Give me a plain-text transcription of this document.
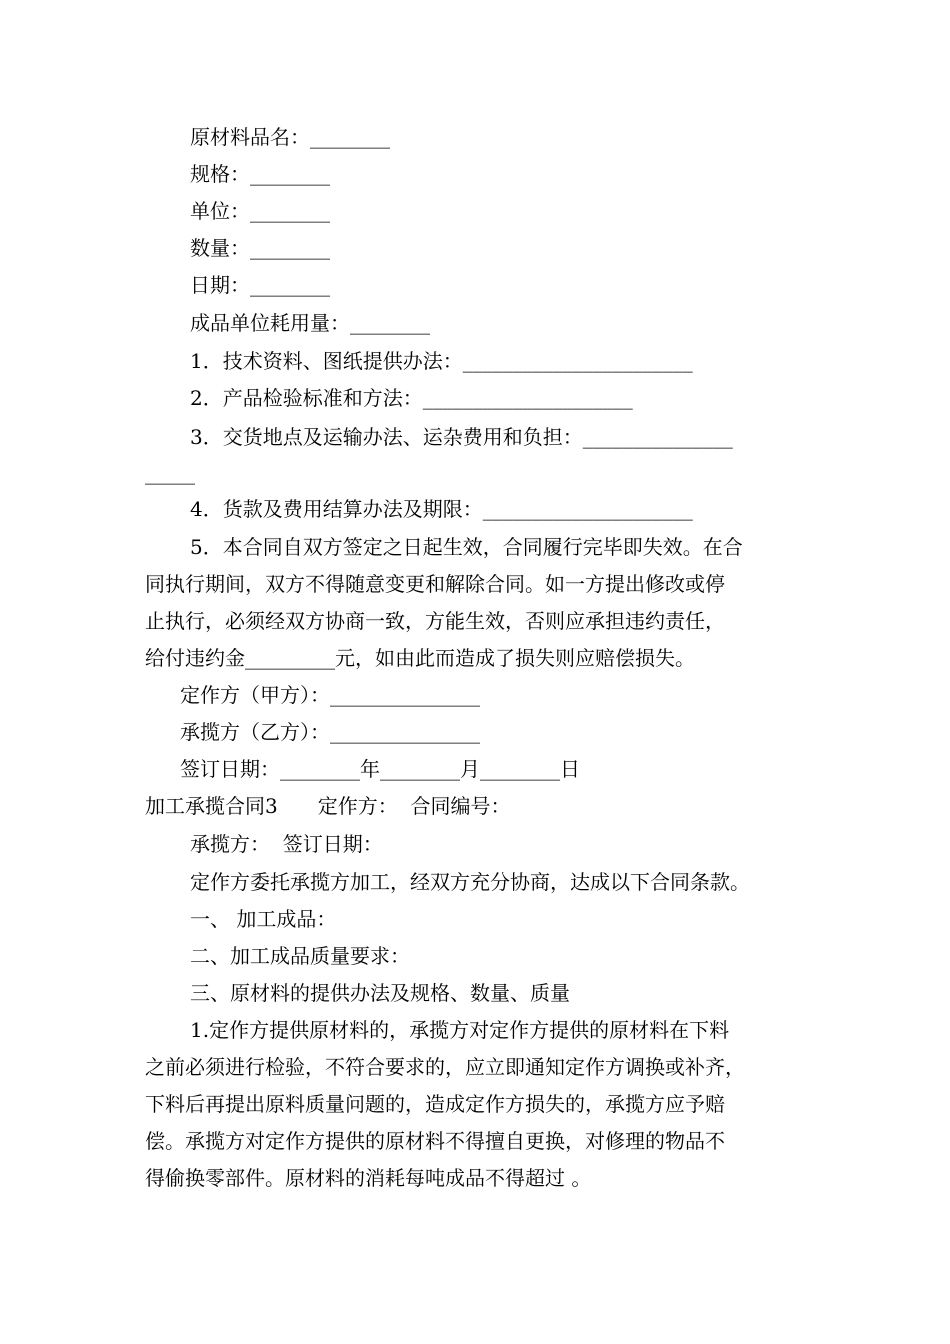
原材料品名：________
规格：________
单位：________
数量：________
日期：________
成品单位耗用量：________
1．技术资料、图纸提供办法：_______________________
2．产品检验标准和方法：_____________________
3．交货地点及运输办法、运杂费用和负担：_______________
_____
4．货款及费用结算办法及期限：_____________________
5．本合同自双方签定之日起生效，合同履行完毕即失效。在合
同执行期间，双方不得随意变更和解除合同。如一方提出修改或停
止执行，必须经双方协商一致，方能生效，否则应承担违约责任，
给付违约金_________元，如由此而造成了损失则应赔偿损失。
定作方（甲方）：_______________
承揽方（乙方）：_______________
签订日期：________年________月________日
加工承揽合同3　　定作方：  合同编号：
承揽方：  签订日期：
定作方委托承揽方加工，经双方充分协商，达成以下合同条款。
一、 加工成品：
二、加工成品质量要求：
三、原材料的提供办法及规格、数量、质量
1.定作方提供原材料的，承揽方对定作方提供的原材料在下料
之前必须进行检验，不符合要求的，应立即通知定作方调换或补齐，
下料后再提出原料质量问题的，造成定作方损失的，承揽方应予赔
偿。承揽方对定作方提供的原材料不得擅自更换，对修理的物品不
得偷换零部件。原材料的消耗每吨成品不得超过 。
